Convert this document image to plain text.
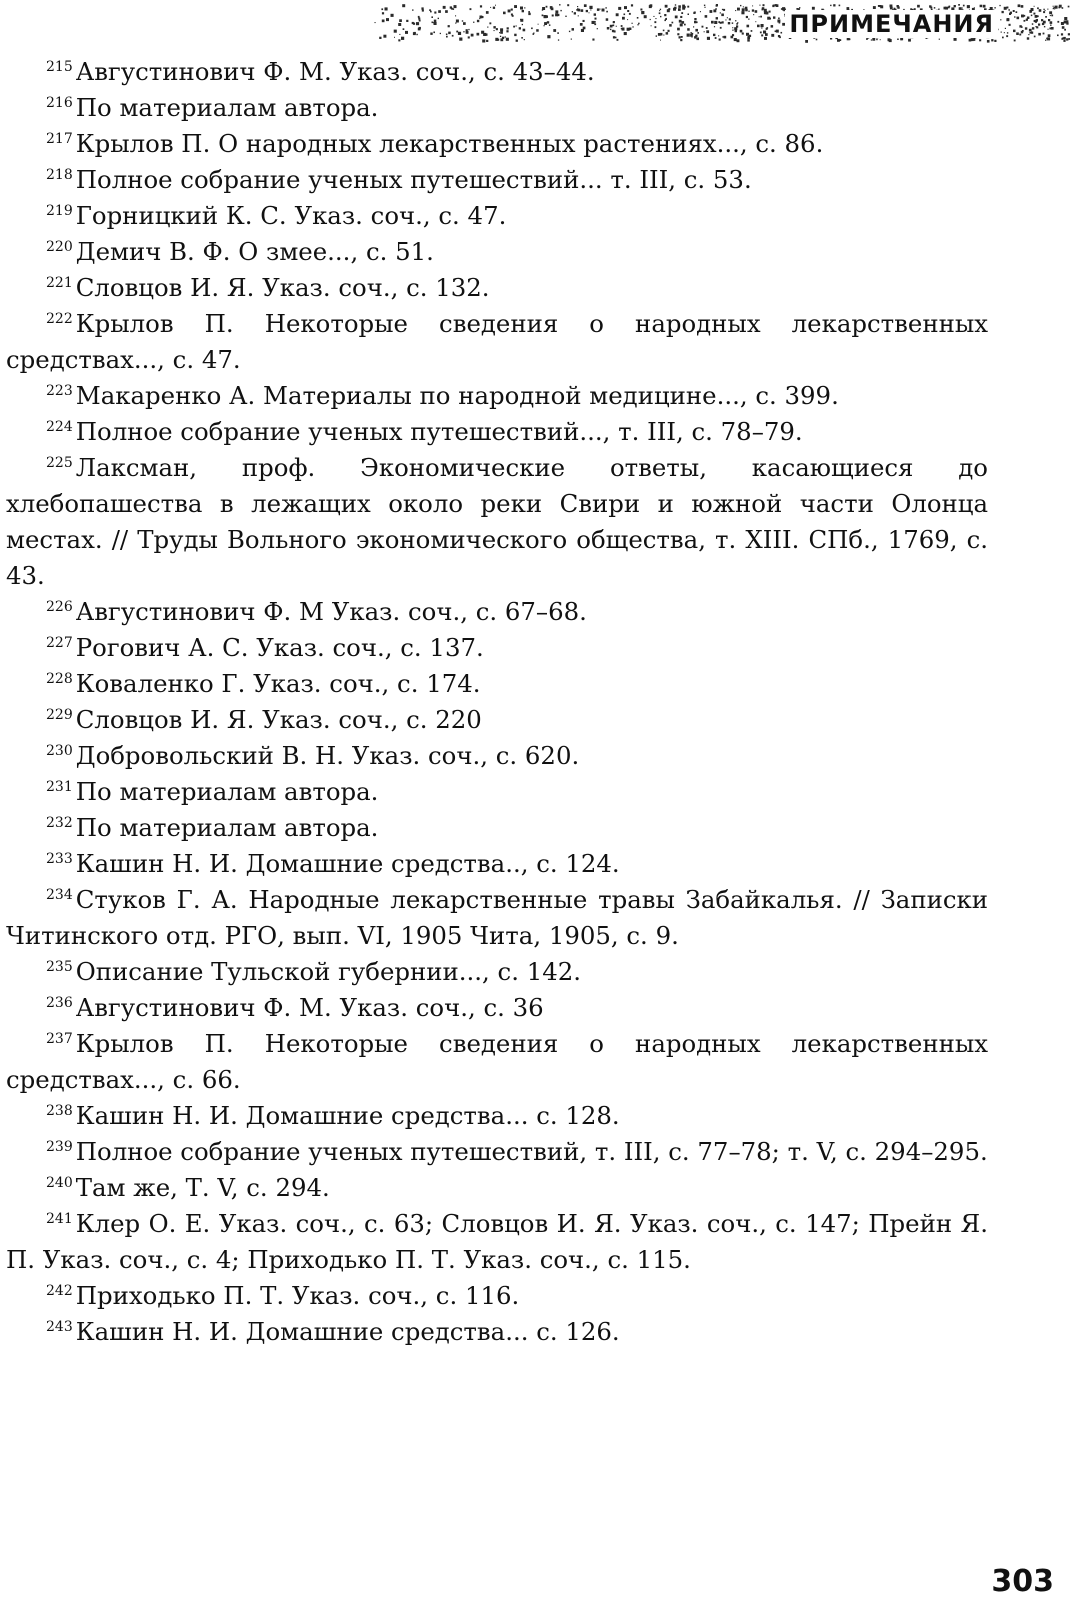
ПРИМЕЧАНИЯ

$^{215}$ Августинович Ф. М. Указ. соч., с. 43–44.

$^{216}$ По материалам автора.

$^{217}$ Крылов П. О народных лекарственных растениях..., с. 86.

$^{218}$ Полное собрание ученых путешествий... т. III, с. 53.

$^{219}$ Горницкий К. С. Указ. соч., с. 47.

$^{220}$ Демич В. Ф. О змее..., с. 51.

$^{221}$ Словцов И. Я. Указ. соч., с. 132.

$^{222}$ Крылов П. Некоторые сведения о народных лекарственных средствах..., с. 47.

$^{223}$ Макаренко А. Материалы по народной медицине..., с. 399.

$^{224}$ Полное собрание ученых путешествий..., т. III, с. 78–79.

$^{225}$ Лаксман, проф. Экономические ответы, касающиеся до хлебопашества в лежащих около реки Свири и южной части Олонца местах. // Труды Вольного экономического общества, т. XIII. СПб., 1769, с. 43.

$^{226}$ Августинович Ф. М Указ. соч., с. 67–68.

$^{227}$ Рогович А. С. Указ. соч., с. 137.

$^{228}$ Коваленко Г. Указ. соч., с. 174.

$^{229}$ Словцов И. Я. Указ. соч., с. 220

$^{230}$ Добровольский В. Н. Указ. соч., с. 620.

$^{231}$ По материалам автора.

$^{232}$ По материалам автора.

$^{233}$ Кашин Н. И. Домашние средства.., с. 124.

$^{234}$ Стуков Г. А. Народные лекарственные травы Забайкалья. // Записки Читинского отд. РГО, вып. VI, 1905 Чита, 1905, с. 9.

$^{235}$ Описание Тульской губернии..., с. 142.

$^{236}$ Августинович Ф. М. Указ. соч., с. 36

$^{237}$ Крылов П. Некоторые сведения о народных лекарственных средствах..., с. 66.

$^{238}$ Кашин Н. И. Домашние средства... с. 128.

$^{239}$ Полное собрание ученых путешествий, т. III, с. 77–78; т. V, с. 294–295.

$^{240}$ Там же, Т. V, с. 294.

$^{241}$ Клер О. Е. Указ. соч., с. 63; Словцов И. Я. Указ. соч., с. 147; Прейн Я. П. Указ. соч., с. 4; Приходько П. Т. Указ. соч., с. 115.

$^{242}$ Приходько П. Т. Указ. соч., с. 116.

$^{243}$ Кашин Н. И. Домашние средства... с. 126.

303
